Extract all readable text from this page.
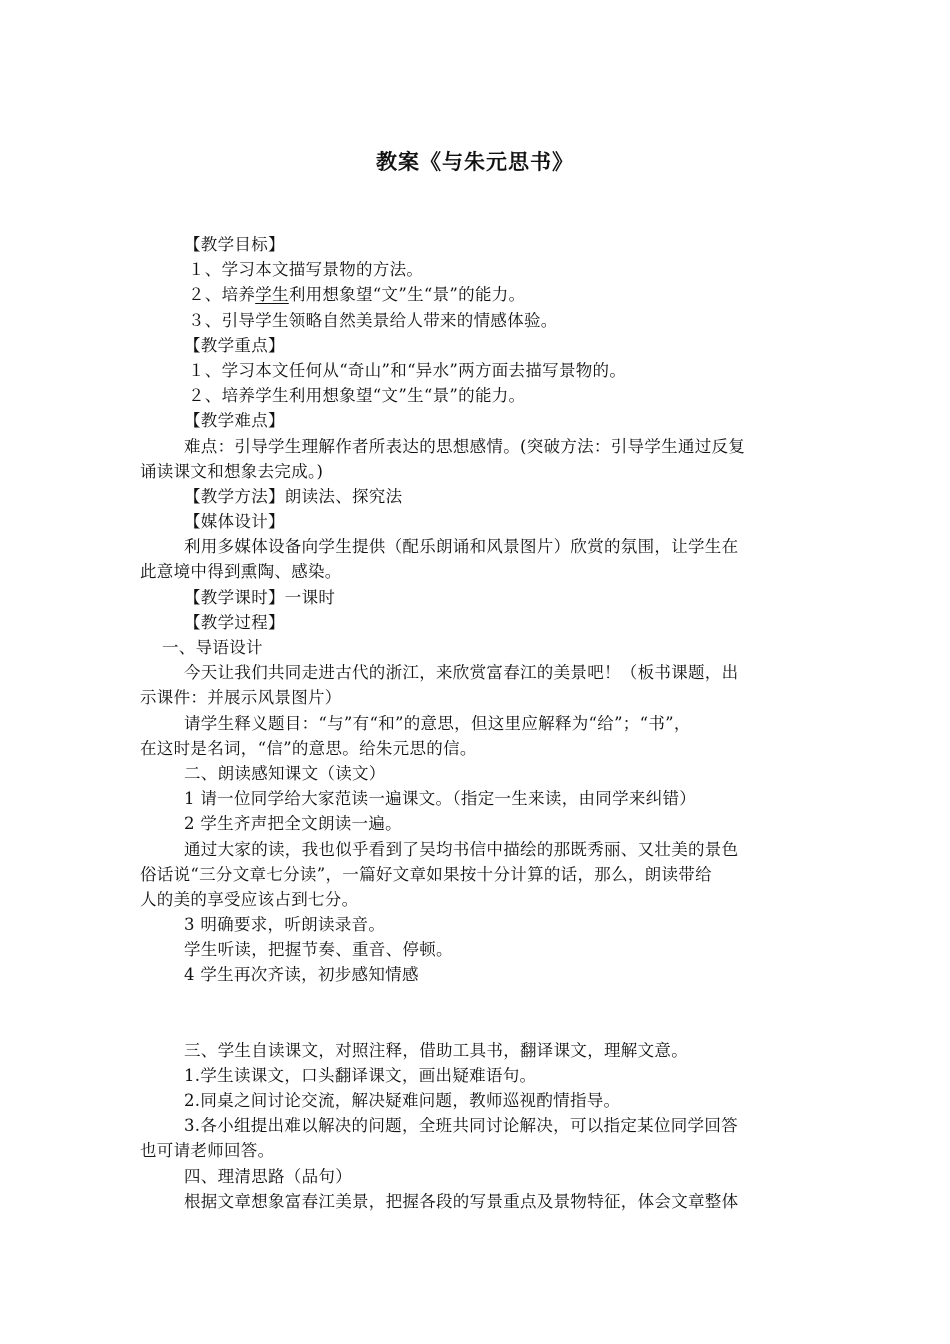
教案《与朱元思书》
【教学目标】
１、学习本文描写景物的方法。
２、培养学生利用想象望“文”生“景”的能力。
３、引导学生领略自然美景给人带来的情感体验。
【教学重点】
１、学习本文任何从“奇山”和“异水”两方面去描写景物的。
２、培养学生利用想象望“文”生“景”的能力。
【教学难点】
难点：引导学生理解作者所表达的思想感情。(突破方法：引导学生通过反复
诵读课文和想象去完成。)
【教学方法】朗读法、探究法
【媒体设计】
利用多媒体设备向学生提供（配乐朗诵和风景图片）欣赏的氛围，让学生在
此意境中得到熏陶、感染。
【教学课时】一课时
【教学过程】
一、导语设计
今天让我们共同走进古代的浙江，来欣赏富春江的美景吧！（板书课题，出
示课件：并展示风景图片）
请学生释义题目：“与”有“和”的意思，但这里应解释为“给”；“书”，
在这时是名词，“信”的意思。给朱元思的信。
二、朗读感知课文（读文）
1 请一位同学给大家范读一遍课文。（指定一生来读，由同学来纠错）
2 学生齐声把全文朗读一遍。
通过大家的读，我也似乎看到了吴均书信中描绘的那既秀丽、又壮美的景色
俗话说“三分文章七分读”，一篇好文章如果按十分计算的话，那么，朗读带给
人的美的享受应该占到七分。
3 明确要求，听朗读录音。
学生听读，把握节奏、重音、停顿。
4 学生再次齐读，初步感知情感
三、学生自读课文，对照注释，借助工具书，翻译课文，理解文意。
1.学生读课文，口头翻译课文，画出疑难语句。
2.同桌之间讨论交流，解决疑难问题，教师巡视酌情指导。
3.各小组提出难以解决的问题，全班共同讨论解决，可以指定某位同学回答
也可请老师回答。
四、理清思路（品句）
根据文章想象富春江美景，把握各段的写景重点及景物特征，体会文章整体
